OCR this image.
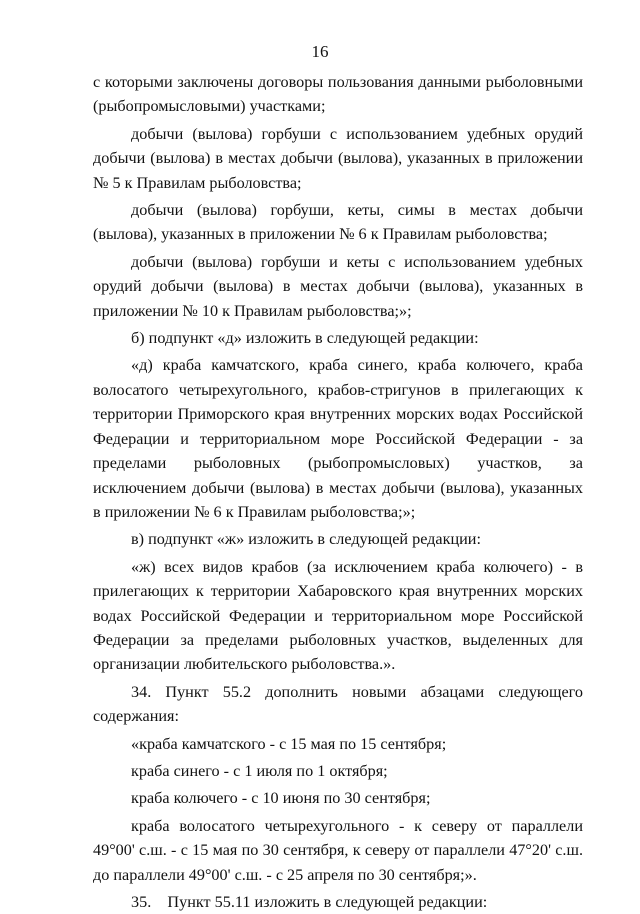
16

с которыми заключены договоры пользования данными рыболовными (рыбопромысловыми) участками;

добычи (вылова) горбуши с использованием удебных орудий добычи (вылова) в местах добычи (вылова), указанных в приложении № 5 к Правилам рыболовства;

добычи (вылова) горбуши, кеты, симы в местах добычи (вылова), указанных в приложении № 6 к Правилам рыболовства;

добычи (вылова) горбуши и кеты с использованием удебных орудий добычи (вылова) в местах добычи (вылова), указанных в приложении № 10 к Правилам рыболовства;»;

б) подпункт «д» изложить в следующей редакции:

«д) краба камчатского, краба синего, краба колючего, краба волосатого четырехугольного, крабов-стригунов в прилегающих к территории Приморского края внутренних морских водах Российской Федерации и территориальном море Российской Федерации - за пределами рыболовных (рыбопромысловых) участков, за исключением добычи (вылова) в местах добычи (вылова), указанных в приложении № 6 к Правилам рыболовства;»;

в) подпункт «ж» изложить в следующей редакции:

«ж) всех видов крабов (за исключением краба колючего) - в прилегающих к территории Хабаровского края внутренних морских водах Российской Федерации и территориальном море Российской Федерации за пределами рыболовных участков, выделенных для организации любительского рыболовства.».

34. Пункт 55.2 дополнить новыми абзацами следующего содержания:

«краба камчатского - с 15 мая по 15 сентября;

краба синего - с 1 июля по 1 октября;

краба колючего - с 10 июня по 30 сентября;

краба волосатого четырехугольного - к северу от параллели 49°00' с.ш. - с 15 мая по 30 сентября, к северу от параллели 47°20' с.ш. до параллели 49°00' с.ш. - с 25 апреля по 30 сентября;».

35.    Пункт 55.11 изложить в следующей редакции:
